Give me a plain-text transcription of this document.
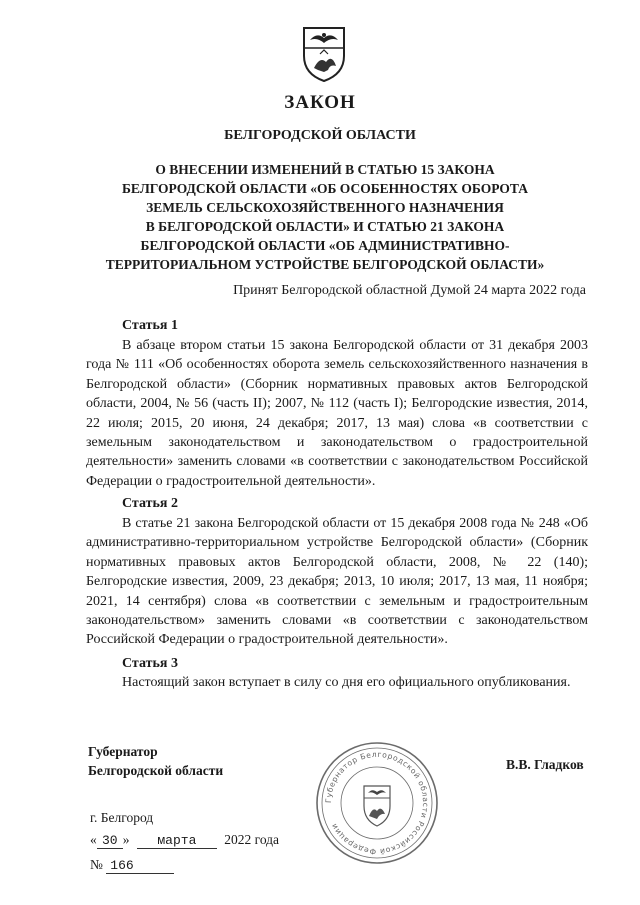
ЗАКОН
БЕЛГОРОДСКОЙ ОБЛАСТИ
О ВНЕСЕНИИ ИЗМЕНЕНИЙ В СТАТЬЮ 15 ЗАКОНА
БЕЛГОРОДСКОЙ ОБЛАСТИ «ОБ ОСОБЕННОСТЯХ ОБОРОТА
ЗЕМЕЛЬ СЕЛЬСКОХОЗЯЙСТВЕННОГО НАЗНАЧЕНИЯ
В БЕЛГОРОДСКОЙ ОБЛАСТИ» И СТАТЬЮ 21 ЗАКОНА
БЕЛГОРОДСКОЙ ОБЛАСТИ «ОБ АДМИНИСТРАТИВНО-
ТЕРРИТОРИАЛЬНОМ УСТРОЙСТВЕ БЕЛГОРОДСКОЙ ОБЛАСТИ»
Принят Белгородской областной Думой 24 марта 2022 года
Статья 1
В абзаце втором статьи 15 закона Белгородской области от 31 декабря 2003 года № 111 «Об особенностях оборота земель сельскохозяйственного назначения в Белгородской области» (Сборник нормативных правовых актов Белгородской области, 2004, № 56 (часть II); 2007, № 112 (часть I); Белгородские известия, 2014, 22 июля; 2015, 20 июня, 24 декабря; 2017, 13 мая) слова «в соответствии с земельным законодательством и законодательством о градостроительной деятельности» заменить словами «в соответствии с законодательством Российской Федерации о градостроительной деятельности».
Статья 2
В статье 21 закона Белгородской области от 15 декабря 2008 года № 248 «Об административно-территориальном устройстве Белгородской области» (Сборник нормативных правовых актов Белгородской области, 2008, № 22 (140); Белгородские известия, 2009, 23 декабря; 2013, 10 июля; 2017, 13 мая, 11 ноября; 2021, 14 сентября) слова «в соответствии с земельным и градостроительным законодательством» заменить словами «в соответствии с законодательством Российской Федерации о градостроительной деятельности».
Статья 3
Настоящий закон вступает в силу со дня его официального опубликования.
Губернатор
Белгородской области
Губернатор Белгородской области Российской Федерации
В.В. Гладков
г. Белгород
« 30 » марта 2022 года
№ 166
